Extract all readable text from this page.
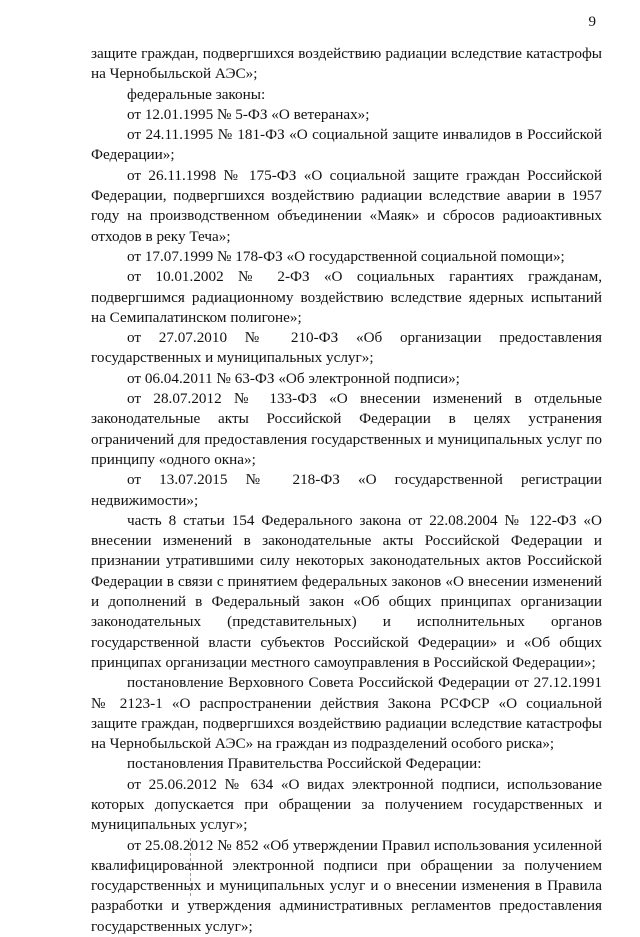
9

защите граждан, подвергшихся воздействию радиации вследствие катастрофы на Чернобыльской АЭС»;

федеральные законы:

от 12.01.1995 № 5-ФЗ «О ветеранах»;

от 24.11.1995 № 181-ФЗ «О социальной защите инвалидов в Российской Федерации»;

от 26.11.1998 № 175-ФЗ «О социальной защите граждан Российской Федерации, подвергшихся воздействию радиации вследствие аварии в 1957 году на производственном объединении «Маяк» и сбросов радиоактивных отходов в реку Теча»;

от 17.07.1999 № 178-ФЗ «О государственной социальной помощи»;

от 10.01.2002 № 2-ФЗ «О социальных гарантиях гражданам, подвергшимся радиационному воздействию вследствие ядерных испытаний на Семипалатинском полигоне»;

от 27.07.2010 № 210-ФЗ «Об организации предоставления государственных и муниципальных услуг»;

от 06.04.2011 № 63-ФЗ «Об электронной подписи»;

от 28.07.2012 № 133-ФЗ «О внесении изменений в отдельные законодательные акты Российской Федерации в целях устранения ограничений для предоставления государственных и муниципальных услуг по принципу «одного окна»;

от 13.07.2015 № 218-ФЗ «О государственной регистрации недвижимости»;

часть 8 статьи 154 Федерального закона от 22.08.2004 № 122-ФЗ «О внесении изменений в законодательные акты Российской Федерации и признании утратившими силу некоторых законодательных актов Российской Федерации в связи с принятием федеральных законов «О внесении изменений и дополнений в Федеральный закон «Об общих принципах организации законодательных (представительных) и исполнительных органов государственной власти субъектов Российской Федерации» и «Об общих принципах организации местного самоуправления в Российской Федерации»;

постановление Верховного Совета Российской Федерации от 27.12.1991 № 2123-1 «О распространении действия Закона РСФСР «О социальной защите граждан, подвергшихся воздействию радиации вследствие катастрофы на Чернобыльской АЭС» на граждан из подразделений особого риска»;

постановления Правительства Российской Федерации:

от 25.06.2012 № 634 «О видах электронной подписи, использование которых допускается при обращении за получением государственных и муниципальных услуг»;

от 25.08.2012 № 852 «Об утверждении Правил использования усиленной квалифицированной электронной подписи при обращении за получением государственных и муниципальных услуг и о внесении изменения в Правила разработки и утверждения административных регламентов предоставления государственных услуг»;
